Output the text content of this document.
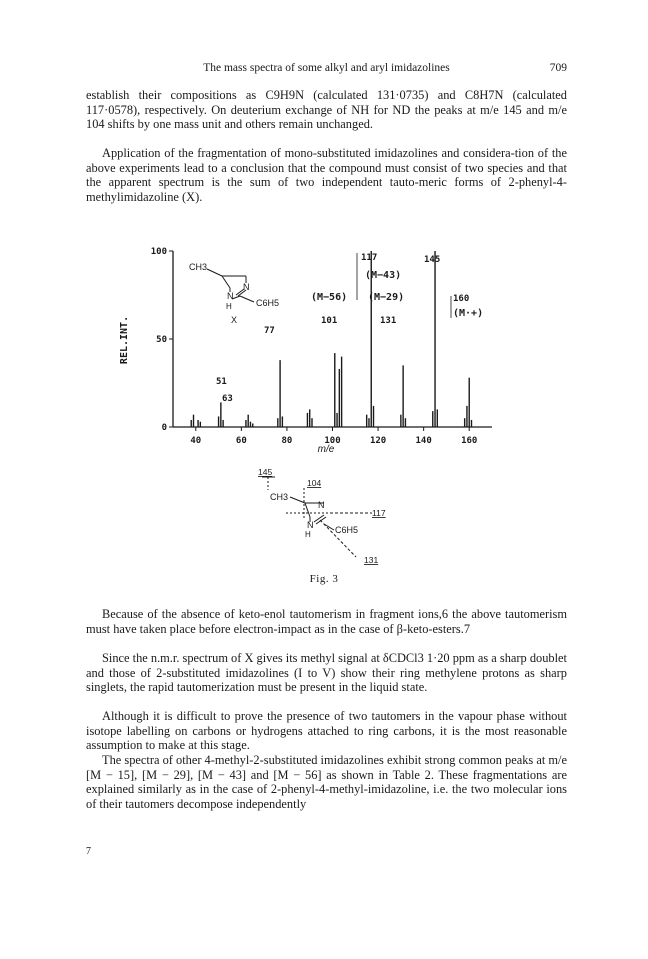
The mass spectra of some alkyl and aryl imidazolines	709

establish their compositions as C9H9N (calculated 131·0735) and C8H7N (calculated 117·0578), respectively. On deuterium exchange of NH for ND the peaks at m/e 145 and m/e 104 shifts by one mass unit and others remain unchanged.

Application of the fragmentation of mono-substituted imidazolines and considera-tion of the above experiments lead to a conclusion that the compound must consist of two species and that the apparent spectrum is the sum of two independent tauto-meric forms of 2-phenyl-4-methylimidazoline (X).

REL.INT.
m/e
40	60	80	100	120	140	160
0
50
100
51
63
77
101
(M−56)
117
(M−43)
(M−29)
131
145
160
(M·+)
CH3
N
N
H	C6H5
X
145
104
117
131
CH3
N
N
H	C6H5
Fig. 3

Because of the absence of keto-enol tautomerism in fragment ions,6 the above tautomerism must have taken place before electron-impact as in the case of β-keto-esters.7

Since the n.m.r. spectrum of X gives its methyl signal at δCDCl3 1·20 ppm as a sharp doublet and those of 2-substituted imidazolines (I to V) show their ring methylene protons as sharp singlets, the rapid tautomerization must be present in the liquid state.

Although it is difficult to prove the presence of two tautomers in the vapour phase without isotope labelling on carbons or hydrogens attached to ring carbons, it is the most reasonable assumption to make at this stage.

The spectra of other 4-methyl-2-substituted imidazolines exhibit strong common peaks at m/e [M − 15], [M − 29], [M − 43] and [M − 56] as shown in Table 2. These fragmentations are explained similarly as in the case of 2-phenyl-4-methyl-imidazoline, i.e. the two molecular ions of their tautomers decompose independently

7
